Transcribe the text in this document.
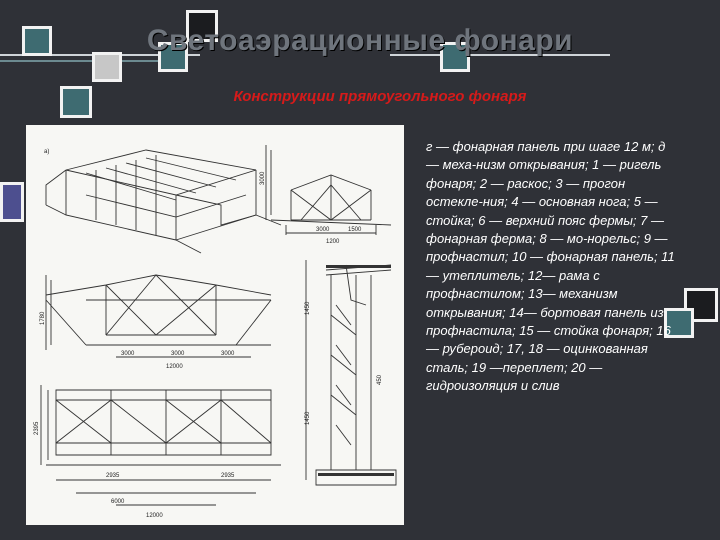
Светоаэрационные фонари
Конструкции прямоугольного фонаря
а)
12000
6000
2935	2935
3000	3000	3000
12000
3000	1500
1200
1450
450
1450
3000
1780
2395

г — фонарная панель при шаге 12 м; д — меха-низм открывания; 1 — ригель фонаря; 2 — раскос; 3 — прогон остекле-ния; 4 — основная нога; 5 — стойка; 6 — верхний пояс фермы; 7 — фонарная ферма; 8 — мо-норельс; 9 — профнастил; 10 — фонарная панель; 11 — утеплитель; 12— рама с профнастилом; 13— механизм открывания; 14— бортовая панель из профнастила; 15 — стойка фонаря; 16 — рубероид; 17, 18 — оцинкованная сталь; 19 —переплет; 20 — гидроизоляция и слив
